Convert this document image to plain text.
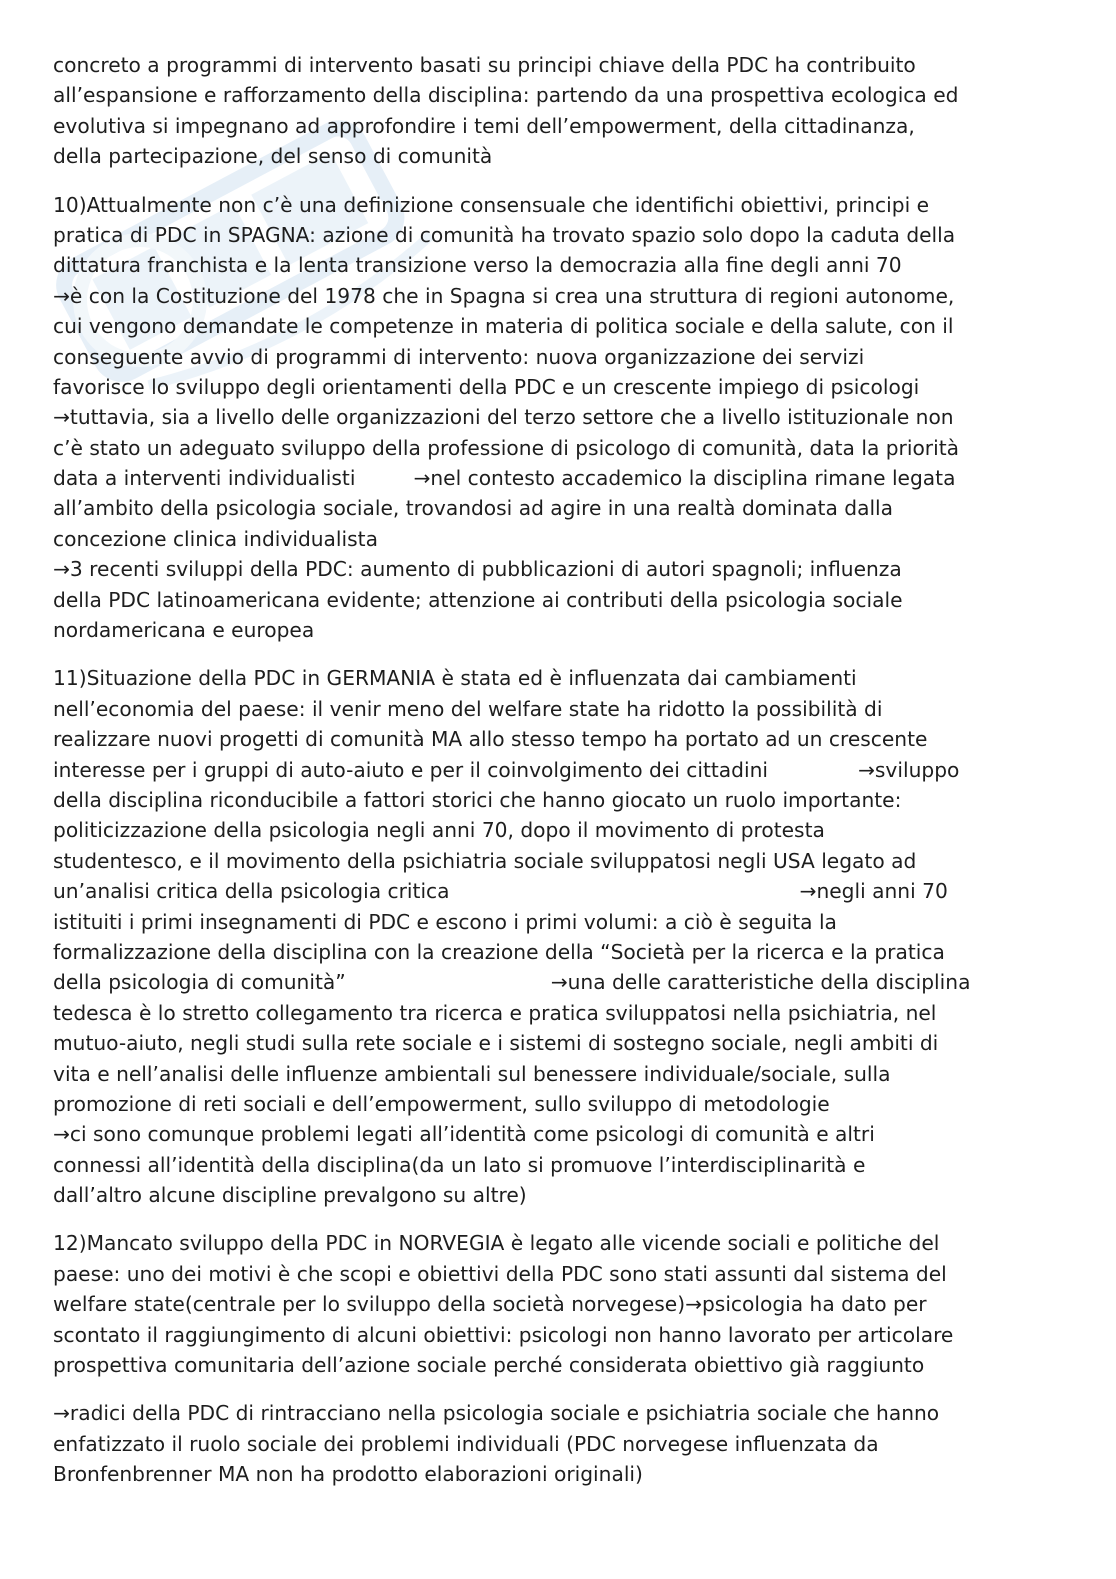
concreto a programmi di intervento basati su principi chiave della PDC ha contribuito
all’espansione e rafforzamento della disciplina: partendo da una prospettiva ecologica ed
evolutiva si impegnano ad approfondire i temi dell’empowerment, della cittadinanza,
della partecipazione, del senso di comunità
10)Attualmente non c’è una definizione consensuale che identifichi obiettivi, principi e
pratica di PDC in SPAGNA: azione di comunità ha trovato spazio solo dopo la caduta della
dittatura franchista e la lenta transizione verso la democrazia alla fine degli anni 70
→è con la Costituzione del 1978 che in Spagna si crea una struttura di regioni autonome,
cui vengono demandate le competenze in materia di politica sociale e della salute, con il
conseguente avvio di programmi di intervento: nuova organizzazione dei servizi
favorisce lo sviluppo degli orientamenti della PDC e un crescente impiego di psicologi
→tuttavia, sia a livello delle organizzazioni del terzo settore che a livello istituzionale non
c’è stato un adeguato sviluppo della professione di psicologo di comunità, data la priorità
data a interventi individualisti	→nel contesto accademico la disciplina rimane legata
all’ambito della psicologia sociale, trovandosi ad agire in una realtà dominata dalla
concezione clinica individualista
→3 recenti sviluppi della PDC: aumento di pubblicazioni di autori spagnoli; influenza
della PDC latinoamericana evidente; attenzione ai contributi della psicologia sociale
nordamericana e europea
11)Situazione della PDC in GERMANIA è stata ed è influenzata dai cambiamenti
nell’economia del paese: il venir meno del welfare state ha ridotto la possibilità di
realizzare nuovi progetti di comunità MA allo stesso tempo ha portato ad un crescente
interesse per i gruppi di auto-aiuto e per il coinvolgimento dei cittadini	→sviluppo
della disciplina riconducibile a fattori storici che hanno giocato un ruolo importante:
politicizzazione della psicologia negli anni 70, dopo il movimento di protesta
studentesco, e il movimento della psichiatria sociale sviluppatosi negli USA legato ad
un’analisi critica della psicologia critica	→negli anni 70
istituiti i primi insegnamenti di PDC e escono i primi volumi: a ciò è seguita la
formalizzazione della disciplina con la creazione della “Società per la ricerca e la pratica
della psicologia di comunità”	→una delle caratteristiche della disciplina
tedesca è lo stretto collegamento tra ricerca e pratica sviluppatosi nella psichiatria, nel
mutuo-aiuto, negli studi sulla rete sociale e i sistemi di sostegno sociale, negli ambiti di
vita e nell’analisi delle influenze ambientali sul benessere individuale/sociale, sulla
promozione di reti sociali e dell’empowerment, sullo sviluppo di metodologie
→ci sono comunque problemi legati all’identità come psicologi di comunità e altri
connessi all’identità della disciplina(da un lato si promuove l’interdisciplinarità e
dall’altro alcune discipline prevalgono su altre)
12)Mancato sviluppo della PDC in NORVEGIA è legato alle vicende sociali e politiche del
paese: uno dei motivi è che scopi e obiettivi della PDC sono stati assunti dal sistema del
welfare state(centrale per lo sviluppo della società norvegese)→psicologia ha dato per
scontato il raggiungimento di alcuni obiettivi: psicologi non hanno lavorato per articolare
prospettiva comunitaria dell’azione sociale perché considerata obiettivo già raggiunto
→radici della PDC di rintracciano nella psicologia sociale e psichiatria sociale che hanno
enfatizzato il ruolo sociale dei problemi individuali (PDC norvegese influenzata da
Bronfenbrenner MA non ha prodotto elaborazioni originali)
